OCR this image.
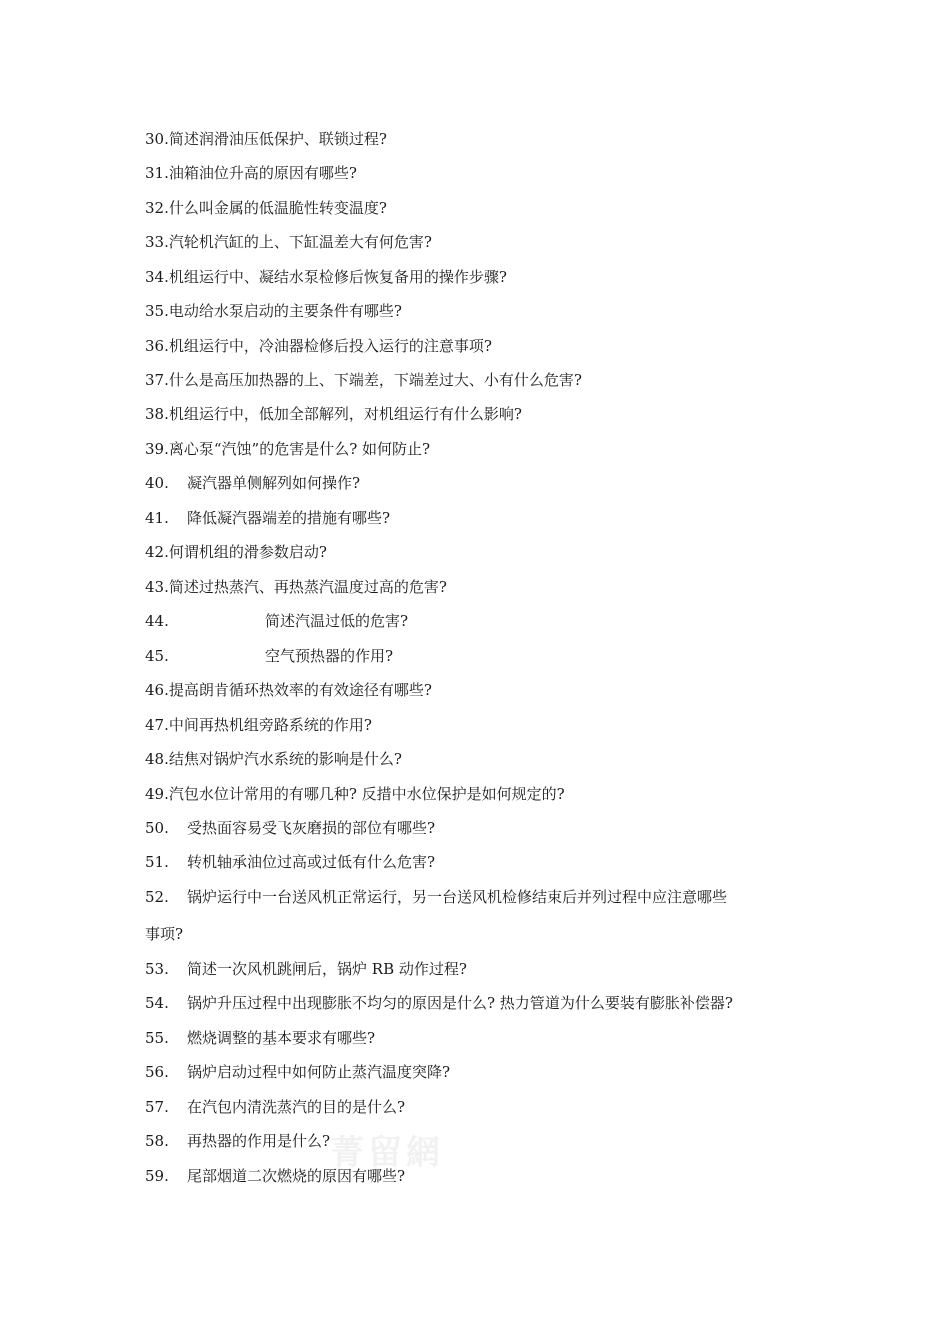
30.简述润滑油压低保护、联锁过程?
31.油箱油位升高的原因有哪些?
32.什么叫金属的低温脆性转变温度?
33.汽轮机汽缸的上、下缸温差大有何危害?
34.机组运行中、凝结水泵检修后恢复备用的操作步骤?
35.电动给水泵启动的主要条件有哪些?
36.机组运行中，冷油器检修后投入运行的注意事项?
37.什么是高压加热器的上、下端差，下端差过大、小有什么危害?
38.机组运行中，低加全部解列，对机组运行有什么影响?
39.离心泵“汽蚀”的危害是什么? 如何防止?
40. 凝汽器单侧解列如何操作?
41. 降低凝汽器端差的措施有哪些?
42.何谓机组的滑参数启动?
43.简述过热蒸汽、再热蒸汽温度过高的危害?
44.	简述汽温过低的危害?
45.	空气预热器的作用?
46.提高朗肯循环热效率的有效途径有哪些?
47.中间再热机组旁路系统的作用?
48.结焦对锅炉汽水系统的影响是什么?
49.汽包水位计常用的有哪几种? 反措中水位保护是如何规定的?
50. 受热面容易受飞灰磨损的部位有哪些?
51. 转机轴承油位过高或过低有什么危害?
52. 锅炉运行中一台送风机正常运行，另一台送风机检修结束后并列过程中应注意哪些
事项?
53. 简述一次风机跳闸后，锅炉 RB 动作过程?
54. 锅炉升压过程中出现膨胀不均匀的原因是什么? 热力管道为什么要装有膨胀补偿器?
55. 燃烧调整的基本要求有哪些?
56. 锅炉启动过程中如何防止蒸汽温度突降?
57. 在汽包内清洗蒸汽的目的是什么?
58. 再热器的作用是什么?
59. 尾部烟道二次燃烧的原因有哪些?
菁留網
